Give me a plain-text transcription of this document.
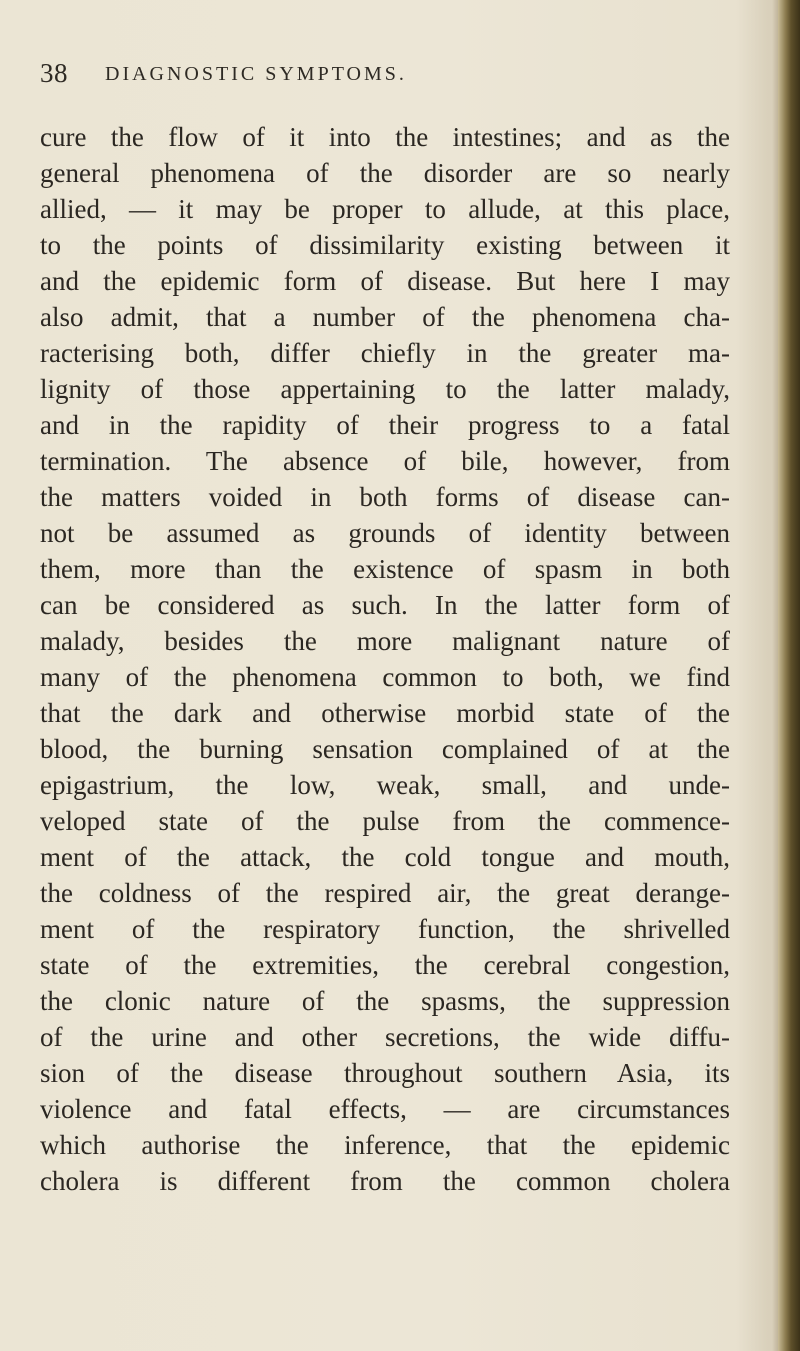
38 DIAGNOSTIC SYMPTOMS.
cure the flow of it into the intestines; and as the
general phenomena of the disorder are so nearly
allied, — it may be proper to allude, at this place,
to the points of dissimilarity existing between it
and the epidemic form of disease. But here I may
also admit, that a number of the phenomena cha-
racterising both, differ chiefly in the greater ma-
lignity of those appertaining to the latter malady,
and in the rapidity of their progress to a fatal
termination. The absence of bile, however, from
the matters voided in both forms of disease can-
not be assumed as grounds of identity between
them, more than the existence of spasm in both
can be considered as such. In the latter form of
malady, besides the more malignant nature of
many of the phenomena common to both, we find
that the dark and otherwise morbid state of the
blood, the burning sensation complained of at the
epigastrium, the low, weak, small, and unde-
veloped state of the pulse from the commence-
ment of the attack, the cold tongue and mouth,
the coldness of the respired air, the great derange-
ment of the respiratory function, the shrivelled
state of the extremities, the cerebral congestion,
the clonic nature of the spasms, the suppression
of the urine and other secretions, the wide diffu-
sion of the disease throughout southern Asia, its
violence and fatal effects, — are circumstances
which authorise the inference, that the epidemic
cholera is different from the common cholera
